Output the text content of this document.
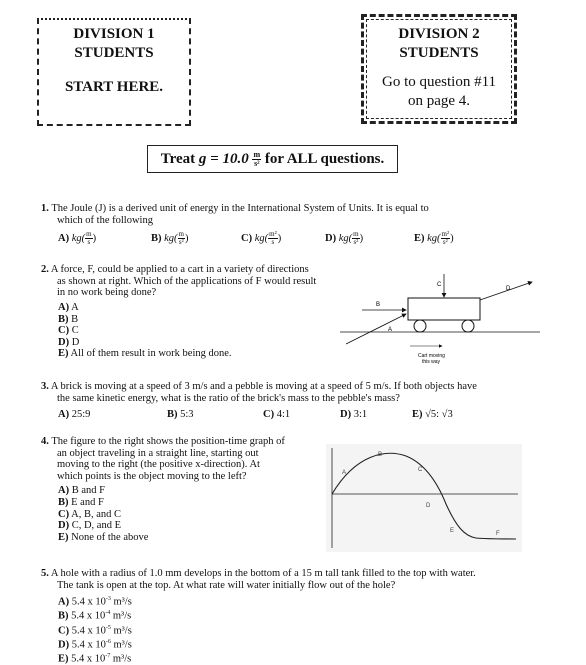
DIVISION 1
STUDENTS
START HERE.
DIVISION 2
STUDENTS
Go to question #11
on page 4.
Treat $g = 10.0 \frac{m}{\text{s²}}$ for ALL questions.
1. The Joule (J) is a derived unit of energy in the International System of Units. It is equal to
which of the following
A) $kg( \frac{m}{s}$ )	B) $kg( \frac{m}{\text{s²}}$ )	C) $kg( \frac{\text{m²}}{s}$ )	D) $kg( \frac{m}{\text{s²}}$ )	E) $kg( \frac{\text{m²}}{\text{s²}}$ )
2. A force, F, could be applied to a cart in a variety of directions
as shown at right. Which of the applications of F would result
in no work being done?
A) A
B) B
C) C
D) D
E) All of them result in work being done.
C
B
A
D
Cart moving
this way
3. A brick is moving at a speed of 3 m/s and a pebble is moving at a speed of 5 m/s. If both objects have
the same kinetic energy, what is the ratio of the brick's mass to the pebble's mass?
A) 25:9	B) 5:3	C) 4:1	D) 3:1	E) √5: √3
4. The figure to the right shows the position-time graph of
an object traveling in a straight line, starting out
moving to the right (the positive x-direction). At
which points is the object moving to the left?
A) B and F
B) E and F
C) A, B, and C
D) C, D, and E
E) None of the above
A
B
C
D
E	F
5. A hole with a radius of 1.0 mm develops in the bottom of a 15 m tall tank filled to the top with water.
The tank is open at the top. At what rate will water initially flow out of the hole?
A) 5.4 x $10^{-3}$ m³/s
B) 5.4 x $10^{-4}$ m³/s
C) 5.4 x $10^{-5}$ m³/s
D) 5.4 x $10^{-6}$ m³/s
E) 5.4 x $10^{-7}$ m³/s
